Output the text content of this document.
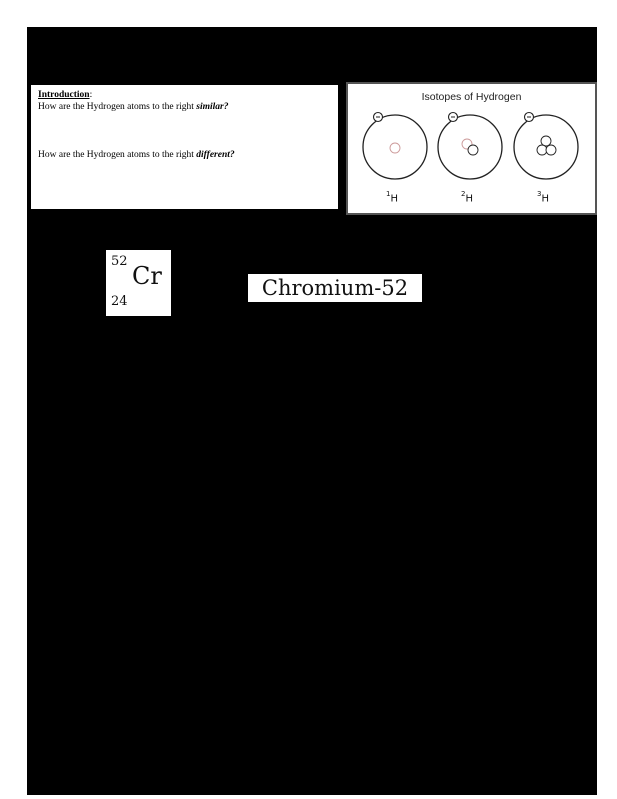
Introduction:

How are the Hydrogen atoms to the right similar?

How are the Hydrogen atoms to the right different?

Isotopes of Hydrogen
$^1$H	$^2$H	$^3$H
52
Cr
24
Chromium-52
